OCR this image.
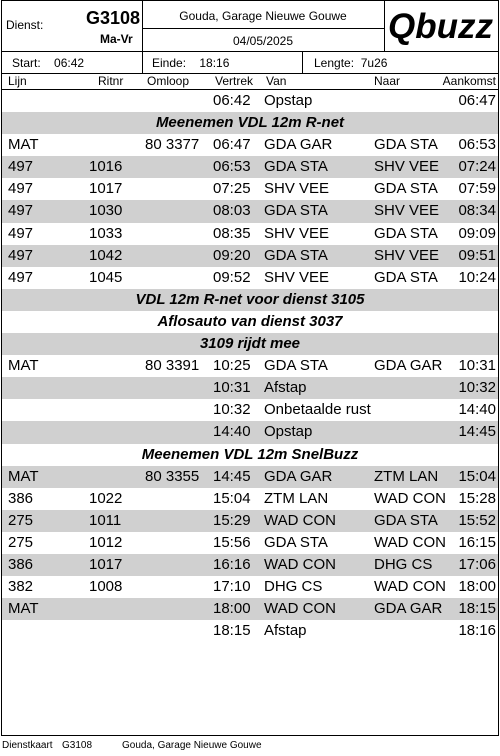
Dienst: G3108
Ma-Vr
Gouda, Garage Nieuwe Gouwe
04/05/2025	Qbuzz
Start: 06:42	Einde: 18:16	Lengte: 7u26
Lijn	Ritnr Omloop Vertrek Van	Naar	Aankomst
06:42 Opstap	06:47
Meenemen VDL 12m R-net
MAT	80 3377 06:47 GDA GAR	GDA STA 06:53
497	1016	06:53 GDA STA	SHV VEE 07:24
497	1017	07:25 SHV VEE	GDA STA 07:59
497	1030	08:03 GDA STA	SHV VEE 08:34
497	1033	08:35 SHV VEE	GDA STA 09:09
497	1042	09:20 GDA STA	SHV VEE 09:51
497	1045	09:52 SHV VEE	GDA STA 10:24
VDL 12m R-net voor dienst 3105
Aflosauto van dienst 3037
3109 rijdt mee
MAT	80 3391 10:25 GDA STA	GDA GAR 10:31
10:31 Afstap	10:32
10:32 Onbetaalde rust	14:40
14:40 Opstap	14:45
Meenemen VDL 12m SnelBuzz
MAT	80 3355 14:45 GDA GAR	ZTM LAN 15:04
386	1022	15:04 ZTM LAN	WAD CON 15:28
275	1011	15:29 WAD CON	GDA STA 15:52
275	1012	15:56 GDA STA	WAD CON 16:15
386	1017	16:16 WAD CON	DHG CS 17:06
382	1008	17:10 DHG CS	WAD CON 18:00
MAT	18:00 WAD CON	GDA GAR 18:15
18:15 Afstap	18:16
Dienstkaart G3108	Gouda, Garage Nieuwe Gouwe
